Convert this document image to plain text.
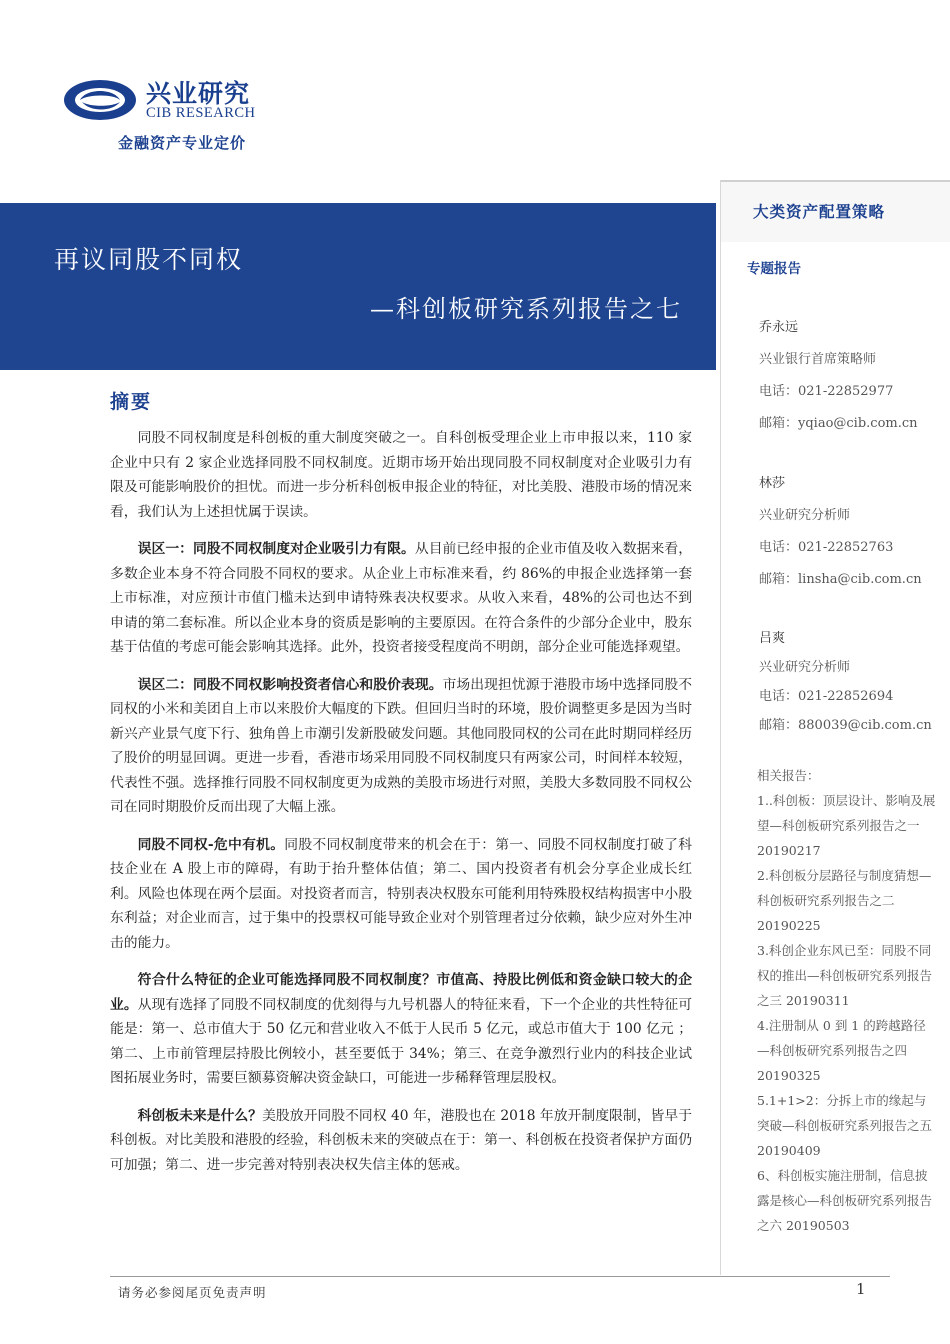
兴业研究
CIB RESEARCH
金融资产专业定价
再议同股不同权
—科创板研究系列报告之七
大类资产配置策略
专题报告
乔永远
兴业银行首席策略师
电话：021-22852977
邮箱：yqiao@cib.com.cn
林莎
兴业研究分析师
电话：021-22852763
邮箱：linsha@cib.com.cn
吕爽
兴业研究分析师
电话：021-22852694
邮箱：880039@cib.com.cn
相关报告：
1..科创板：顶层设计、影响及展望—科创板研究系列报告之一 20190217
2.科创板分层路径与制度猜想—科创板研究系列报告之二 20190225
3.科创企业东风已至：同股不同权的推出—科创板研究系列报告之三 20190311
4.注册制从 0 到 1 的跨越路径—科创板研究系列报告之四 20190325
5.1+1>2：分拆上市的缘起与突破—科创板研究系列报告之五 20190409
6、科创板实施注册制，信息披露是核心—科创板研究系列报告之六 20190503
摘要

同股不同权制度是科创板的重大制度突破之一。自科创板受理企业上市申报以来，110 家企业中只有 2 家企业选择同股不同权制度。近期市场开始出现同股不同权制度对企业吸引力有限及可能影响股价的担忧。而进一步分析科创板申报企业的特征，对比美股、港股市场的情况来看，我们认为上述担忧属于误读。

误区一：同股不同权制度对企业吸引力有限。从目前已经申报的企业市值及收入数据来看，多数企业本身不符合同股不同权的要求。从企业上市标准来看，约 86%的申报企业选择第一套上市标准，对应预计市值门槛未达到申请特殊表决权要求。从收入来看，48%的公司也达不到申请的第二套标准。所以企业本身的资质是影响的主要原因。在符合条件的少部分企业中，股东基于估值的考虑可能会影响其选择。此外，投资者接受程度尚不明朗，部分企业可能选择观望。

误区二：同股不同权影响投资者信心和股价表现。市场出现担忧源于港股市场中选择同股不同权的小米和美团自上市以来股价大幅度的下跌。但回归当时的环境，股价调整更多是因为当时新兴产业景气度下行、独角兽上市潮引发新股破发问题。其他同股同权的公司在此时期同样经历了股价的明显回调。更进一步看，香港市场采用同股不同权制度只有两家公司，时间样本较短，代表性不强。选择推行同股不同权制度更为成熟的美股市场进行对照，美股大多数同股不同权公司在同时期股价反而出现了大幅上涨。

同股不同权-危中有机。同股不同权制度带来的机会在于：第一、同股不同权制度打破了科技企业在 A 股上市的障碍，有助于抬升整体估值；第二、国内投资者有机会分享企业成长红利。风险也体现在两个层面。对投资者而言，特别表决权股东可能利用特殊股权结构损害中小股东利益；对企业而言，过于集中的投票权可能导致企业对个别管理者过分依赖，缺少应对外生冲击的能力。

符合什么特征的企业可能选择同股不同权制度？市值高、持股比例低和资金缺口较大的企业。从现有选择了同股不同权制度的优刻得与九号机器人的特征来看，下一个企业的共性特征可能是：第一、总市值大于 50 亿元和营业收入不低于人民币 5 亿元，或总市值大于 100 亿元 ；第二、上市前管理层持股比例较小，甚至要低于 34%；第三、在竞争激烈行业内的科技企业试图拓展业务时，需要巨额募资解决资金缺口，可能进一步稀释管理层股权。

科创板未来是什么？美股放开同股不同权 40 年，港股也在 2018 年放开制度限制，皆早于科创板。对比美股和港股的经验，科创板未来的突破点在于：第一、科创板在投资者保护方面仍可加强；第二、进一步完善对特别表决权失信主体的惩戒。

请务必参阅尾页免责声明	1
